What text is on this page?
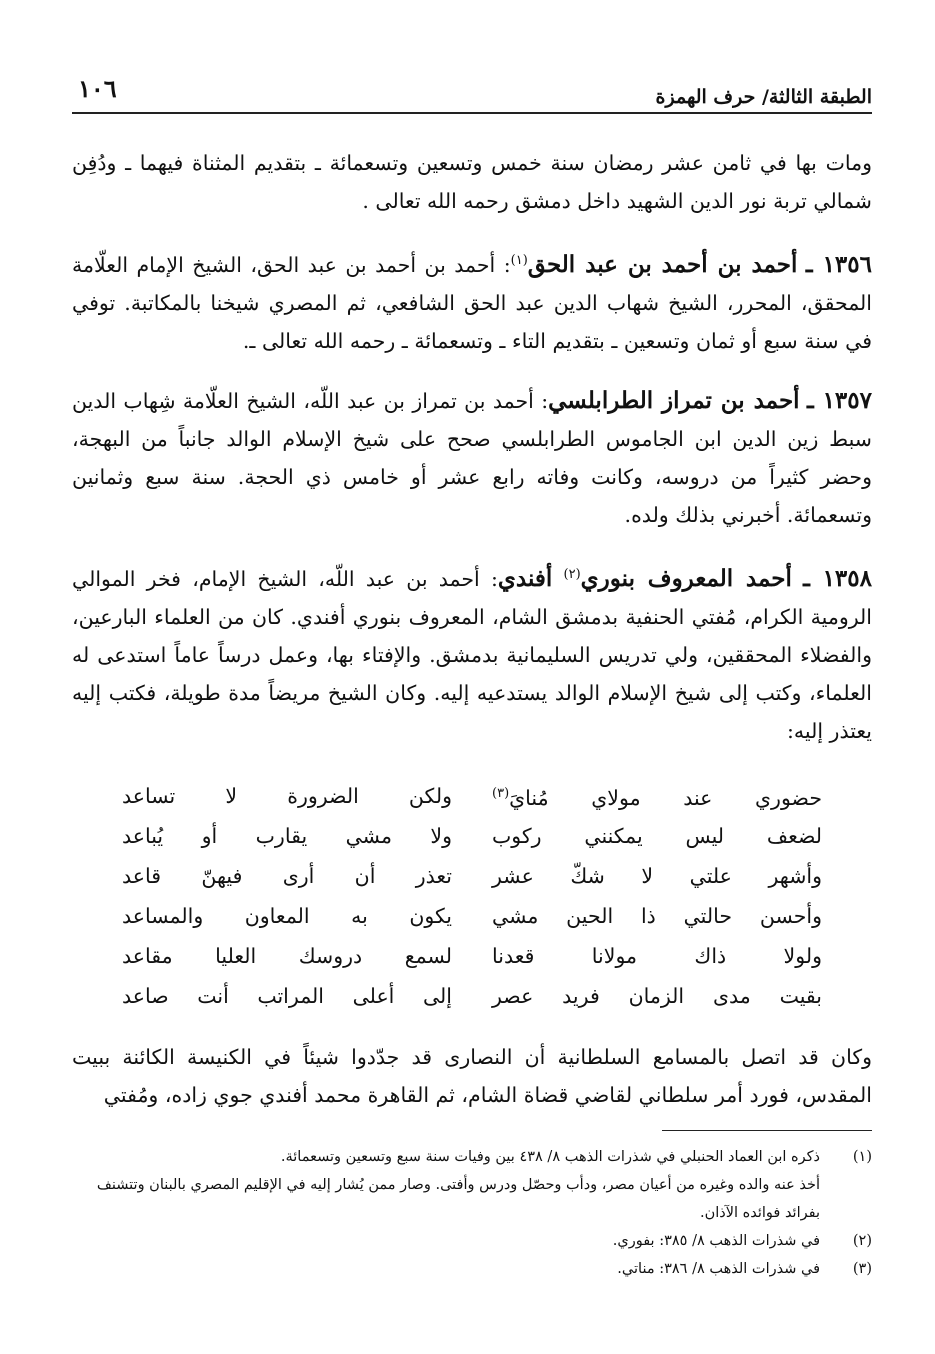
الطبقة الثالثة/ حرف الهمزة
١٠٦

ومات بها في ثامن عشر رمضان سنة خمس وتسعين وتسعمائة ـ بتقديم المثناة فيهما ـ ودُفِن شمالي تربة نور الدين الشهيد داخل دمشق رحمه الله تعالى .

١٣٥٦ ـ أحمد بن أحمد بن عبد الحق$^{(١)}$: أحمد بن أحمد بن عبد الحق، الشيخ الإمام العلّامة المحقق، المحرر، الشيخ شهاب الدين عبد الحق الشافعي، ثم المصري شيخنا بالمكاتبة. توفي في سنة سبع أو ثمان وتسعين ـ بتقديم التاء ـ وتسعمائة ـ رحمه الله تعالى ـ.

١٣٥٧ ـ أحمد بن تمراز الطرابلسي: أحمد بن تمراز بن عبد اللّه، الشيخ العلّامة شِهاب الدين سبط زين الدين ابن الجاموس الطرابلسي صحح على شيخ الإسلام الوالد جانباً من البهجة، وحضر كثيراً من دروسه، وكانت وفاته رابع عشر أو خامس ذي الحجة. سنة سبع وثمانين وتسعمائة. أخبرني بذلك ولده.

١٣٥٨ ـ أحمد المعروف بنوري$^{(٢)}$ أفندي: أحمد بن عبد اللّه، الشيخ الإمام، فخر الموالي الرومية الكرام، مُفتي الحنفية بدمشق الشام، المعروف بنوري أفندي. كان من العلماء البارعين، والفضلاء المحققين، ولي تدريس السليمانية بدمشق. والإفتاء بها، وعمل درساً عاماً استدعى له العلماء، وكتب إلى شيخ الإسلام الوالد يستدعيه إليه. وكان الشيخ مريضاً مدة طويلة، فكتب إليه يعتذر إليه:

حضوري عند مولاي مُنايَ$^{(٣)}$
ولكن الضرورة لا تساعد
لضعف ليس يمكنني ركوب
ولا مشي يقارب أو يُباعد
وأشهر علتي لا شكّ عشر
تعذر أن أرى فيهنّ قاعد
وأحسن حالتي ذا الحين مشي
يكون به المعاون والمساعد
ولولا ذاك مولانا قعدنا
لسمع دروسك العليا مقاعد
بقيت مدى الزمان فريد عصر
إلى أعلى المراتب أنت صاعد

وكان قد اتصل بالمسامع السلطانية أن النصارى قد جدّدوا شيئاً في الكنيسة الكائنة ببيت المقدس، فورد أمر سلطاني لقاضي قضاة الشام، ثم القاهرة محمد أفندي جوي زاده، ومُفتي

(١)
ذكره ابن العماد الحنبلي في شذرات الذهب ٨/ ٤٣٨ بين وفيات سنة سبع وتسعين وتسعمائة.
أخذ عنه والده وغيره من أعيان مصر، ودأب وحصّل ودرس وأفتى. وصار ممن يُشار إليه في الإقليم المصري بالبنان وتتشنف بفرائد فوائده الآذان.
(٢)
في شذرات الذهب ٨/ ٣٨٥: بفوري.
(٣)
في شذرات الذهب ٨/ ٣٨٦: مناتي.
